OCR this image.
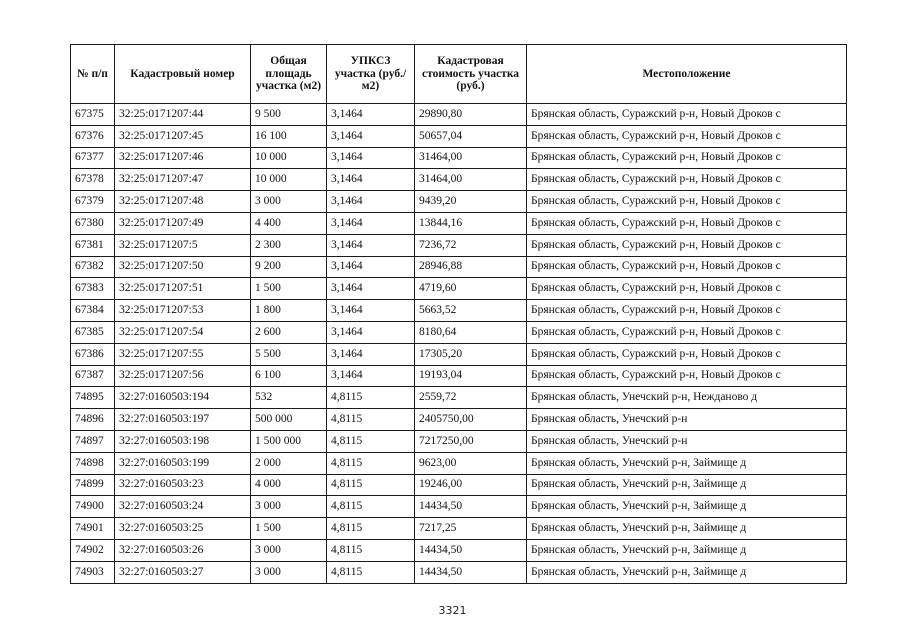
№ п/п	Кадастровый номер	Общая площадь участка (м2)	УПКСЗ участка (руб./м2)	Кадастровая стоимость участка (руб.)	Местоположение
67375	32:25:0171207:44	9 500	3,1464	29890,80	Брянская область, Суражский р-н, Новый Дроков с
67376	32:25:0171207:45	16 100	3,1464	50657,04	Брянская область, Суражский р-н, Новый Дроков с
67377	32:25:0171207:46	10 000	3,1464	31464,00	Брянская область, Суражский р-н, Новый Дроков с
67378	32:25:0171207:47	10 000	3,1464	31464,00	Брянская область, Суражский р-н, Новый Дроков с
67379	32:25:0171207:48	3 000	3,1464	9439,20	Брянская область, Суражский р-н, Новый Дроков с
67380	32:25:0171207:49	4 400	3,1464	13844,16	Брянская область, Суражский р-н, Новый Дроков с
67381	32:25:0171207:5	2 300	3,1464	7236,72	Брянская область, Суражский р-н, Новый Дроков с
67382	32:25:0171207:50	9 200	3,1464	28946,88	Брянская область, Суражский р-н, Новый Дроков с
67383	32:25:0171207:51	1 500	3,1464	4719,60	Брянская область, Суражский р-н, Новый Дроков с
67384	32:25:0171207:53	1 800	3,1464	5663,52	Брянская область, Суражский р-н, Новый Дроков с
67385	32:25:0171207:54	2 600	3,1464	8180,64	Брянская область, Суражский р-н, Новый Дроков с
67386	32:25:0171207:55	5 500	3,1464	17305,20	Брянская область, Суражский р-н, Новый Дроков с
67387	32:25:0171207:56	6 100	3,1464	19193,04	Брянская область, Суражский р-н, Новый Дроков с
74895	32:27:0160503:194	532	4,8115	2559,72	Брянская область, Унечский р-н, Нежданово д
74896	32:27:0160503:197	500 000	4,8115	2405750,00	Брянская область, Унечский р-н
74897	32:27:0160503:198	1 500 000	4,8115	7217250,00	Брянская область, Унечский р-н
74898	32:27:0160503:199	2 000	4,8115	9623,00	Брянская область, Унечский р-н, Займище д
74899	32:27:0160503:23	4 000	4,8115	19246,00	Брянская область, Унечский р-н, Займище д
74900	32:27:0160503:24	3 000	4,8115	14434,50	Брянская область, Унечский р-н, Займище д
74901	32:27:0160503:25	1 500	4,8115	7217,25	Брянская область, Унечский р-н, Займище д
74902	32:27:0160503:26	3 000	4,8115	14434,50	Брянская область, Унечский р-н, Займище д
74903	32:27:0160503:27	3 000	4,8115	14434,50	Брянская область, Унечский р-н, Займище д
3321
